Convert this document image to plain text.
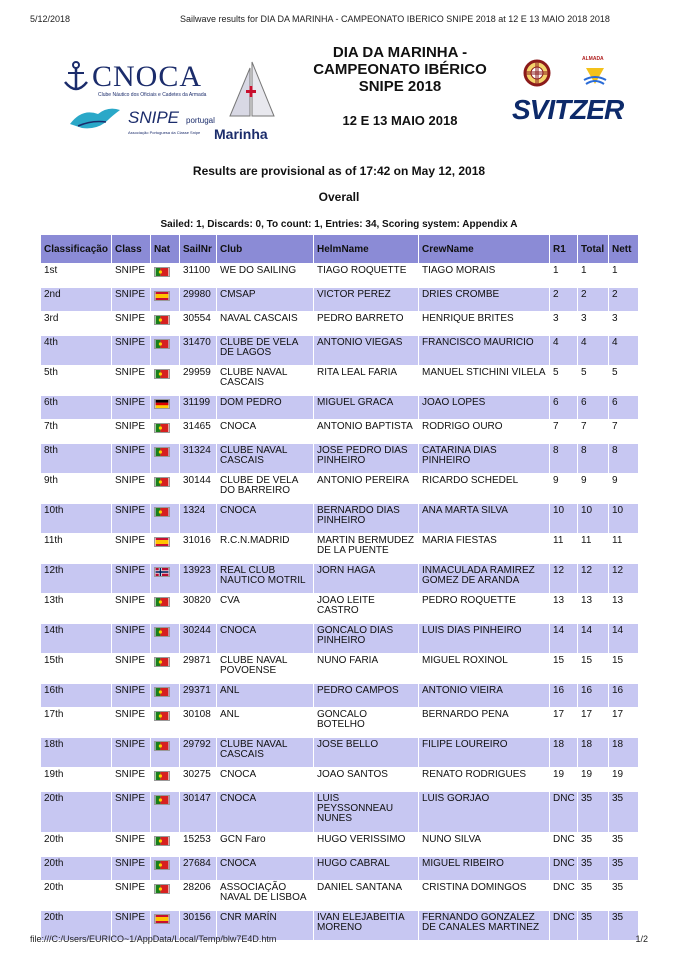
5/12/2018	Sailwave results for DIA DA MARINHA - CAMPEONATO IBERICO SNIPE 2018 at 12 E 13 MAIO 2018 2018
CNOCA
Clube Náutico dos Oficiais e Cadetes da Armada
SNIPE portugal
Associação Portuguesa da Classe Snipe Marinha
DIA DA MARINHA -
CAMPEONATO IBÉRICO
SNIPE 2018
12 E 13 MAIO 2018
ALMADA
SVITZER
Results are provisional as of 17:42 on May 12, 2018
Overall
Sailed: 1, Discards: 0, To count: 1, Entries: 34, Scoring system: Appendix A
Classificação	Class	Nat	SailNr	Club	HelmName	CrewName	R1	Total	Nett
1st	SNIPE		31100	WE DO SAILING	TIAGO ROQUETTE	TIAGO MORAIS	1	1	1
2nd	SNIPE		29980	CMSAP	VICTOR PEREZ	DRIES CROMBE	2	2	2
3rd	SNIPE		30554	NAVAL CASCAIS	PEDRO BARRETO	HENRIQUE BRITES	3	3	3
4th	SNIPE		31470	CLUBE DE VELA DE LAGOS	ANTONIO VIEGAS	FRANCISCO MAURICIO	4	4	4
5th	SNIPE		29959	CLUBE NAVAL CASCAIS	RITA LEAL FARIA	MANUEL STICHINI VILELA	5	5	5
6th	SNIPE		31199	DOM PEDRO	MIGUEL GRACA	JOAO LOPES	6	6	6
7th	SNIPE		31465	CNOCA	ANTONIO BAPTISTA	RODRIGO OURO	7	7	7
8th	SNIPE		31324	CLUBE NAVAL CASCAIS	JOSE PEDRO DIAS PINHEIRO	CATARINA DIAS PINHEIRO	8	8	8
9th	SNIPE		30144	CLUBE DE VELA DO BARREIRO	ANTONIO PEREIRA	RICARDO SCHEDEL	9	9	9
10th	SNIPE		1324	CNOCA	BERNARDO DIAS PINHEIRO	ANA MARTA SILVA	10	10	10
11th	SNIPE		31016	R.C.N.MADRID	MARTIN BERMUDEZ DE LA PUENTE	MARIA FIESTAS	11	11	11
12th	SNIPE		13923	REAL CLUB NAUTICO MOTRIL	JORN HAGA	INMACULADA RAMIREZ GOMEZ DE ARANDA	12	12	12
13th	SNIPE		30820	CVA	JOAO LEITE CASTRO	PEDRO ROQUETTE	13	13	13
14th	SNIPE		30244	CNOCA	GONCALO DIAS PINHEIRO	LUIS DIAS PINHEIRO	14	14	14
15th	SNIPE		29871	CLUBE NAVAL POVOENSE	NUNO FARIA	MIGUEL ROXINOL	15	15	15
16th	SNIPE		29371	ANL	PEDRO CAMPOS	ANTONIO VIEIRA	16	16	16
17th	SNIPE		30108	ANL	GONCALO BOTELHO	BERNARDO PENA	17	17	17
18th	SNIPE		29792	CLUBE NAVAL CASCAIS	JOSE BELLO	FILIPE LOUREIRO	18	18	18
19th	SNIPE		30275	CNOCA	JOAO SANTOS	RENATO RODRIGUES	19	19	19
20th	SNIPE		30147	CNOCA	LUIS PEYSSONNEAU NUNES	LUIS GORJAO	DNC	35	35
20th	SNIPE		15253	GCN Faro	HUGO VERISSIMO	NUNO SILVA	DNC	35	35
20th	SNIPE		27684	CNOCA	HUGO CABRAL	MIGUEL RIBEIRO	DNC	35	35
20th	SNIPE		28206	ASSOCIAÇÃO NAVAL DE LISBOA	DANIEL SANTANA	CRISTINA DOMINGOS	DNC	35	35
20th	SNIPE		30156	CNR MARÍN	IVAN ELEJABEITIA MORENO	FERNANDO GONZALEZ DE CANALES MARTINEZ	DNC	35	35
file:///C:/Users/EURICO~1/AppData/Local/Temp/blw7E4D.htm	1/2
